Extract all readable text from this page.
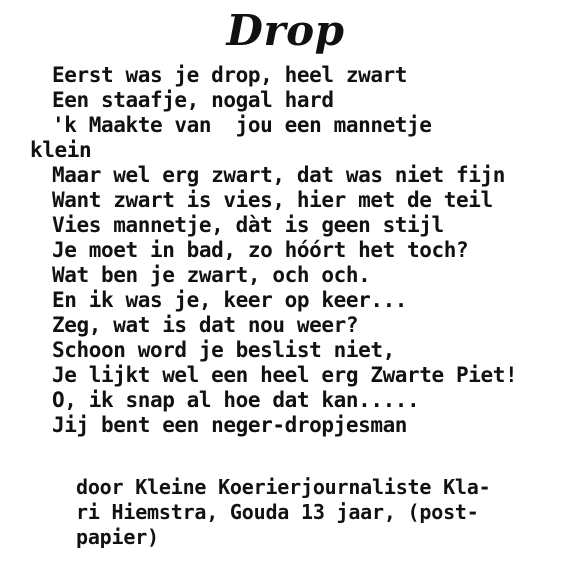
Drop
Eerst was je drop, heel zwart
Een staafje, nogal hard
'k Maakte van  jou een mannetje
klein
Maar wel erg zwart, dat was niet fijn
Want zwart is vies, hier met de teil
Vies mannetje, dàt is geen stijl
Je moet in bad, zo hóórt het toch?
Wat ben je zwart, och och.
En ik was je, keer op keer...
Zeg, wat is dat nou weer?
Schoon word je beslist niet,
Je lijkt wel een heel erg Zwarte Piet!
O, ik snap al hoe dat kan.....
Jij bent een neger-dropjesman
door Kleine Koerierjournaliste Kla-
ri Hiemstra, Gouda 13 jaar, (post-
papier)
